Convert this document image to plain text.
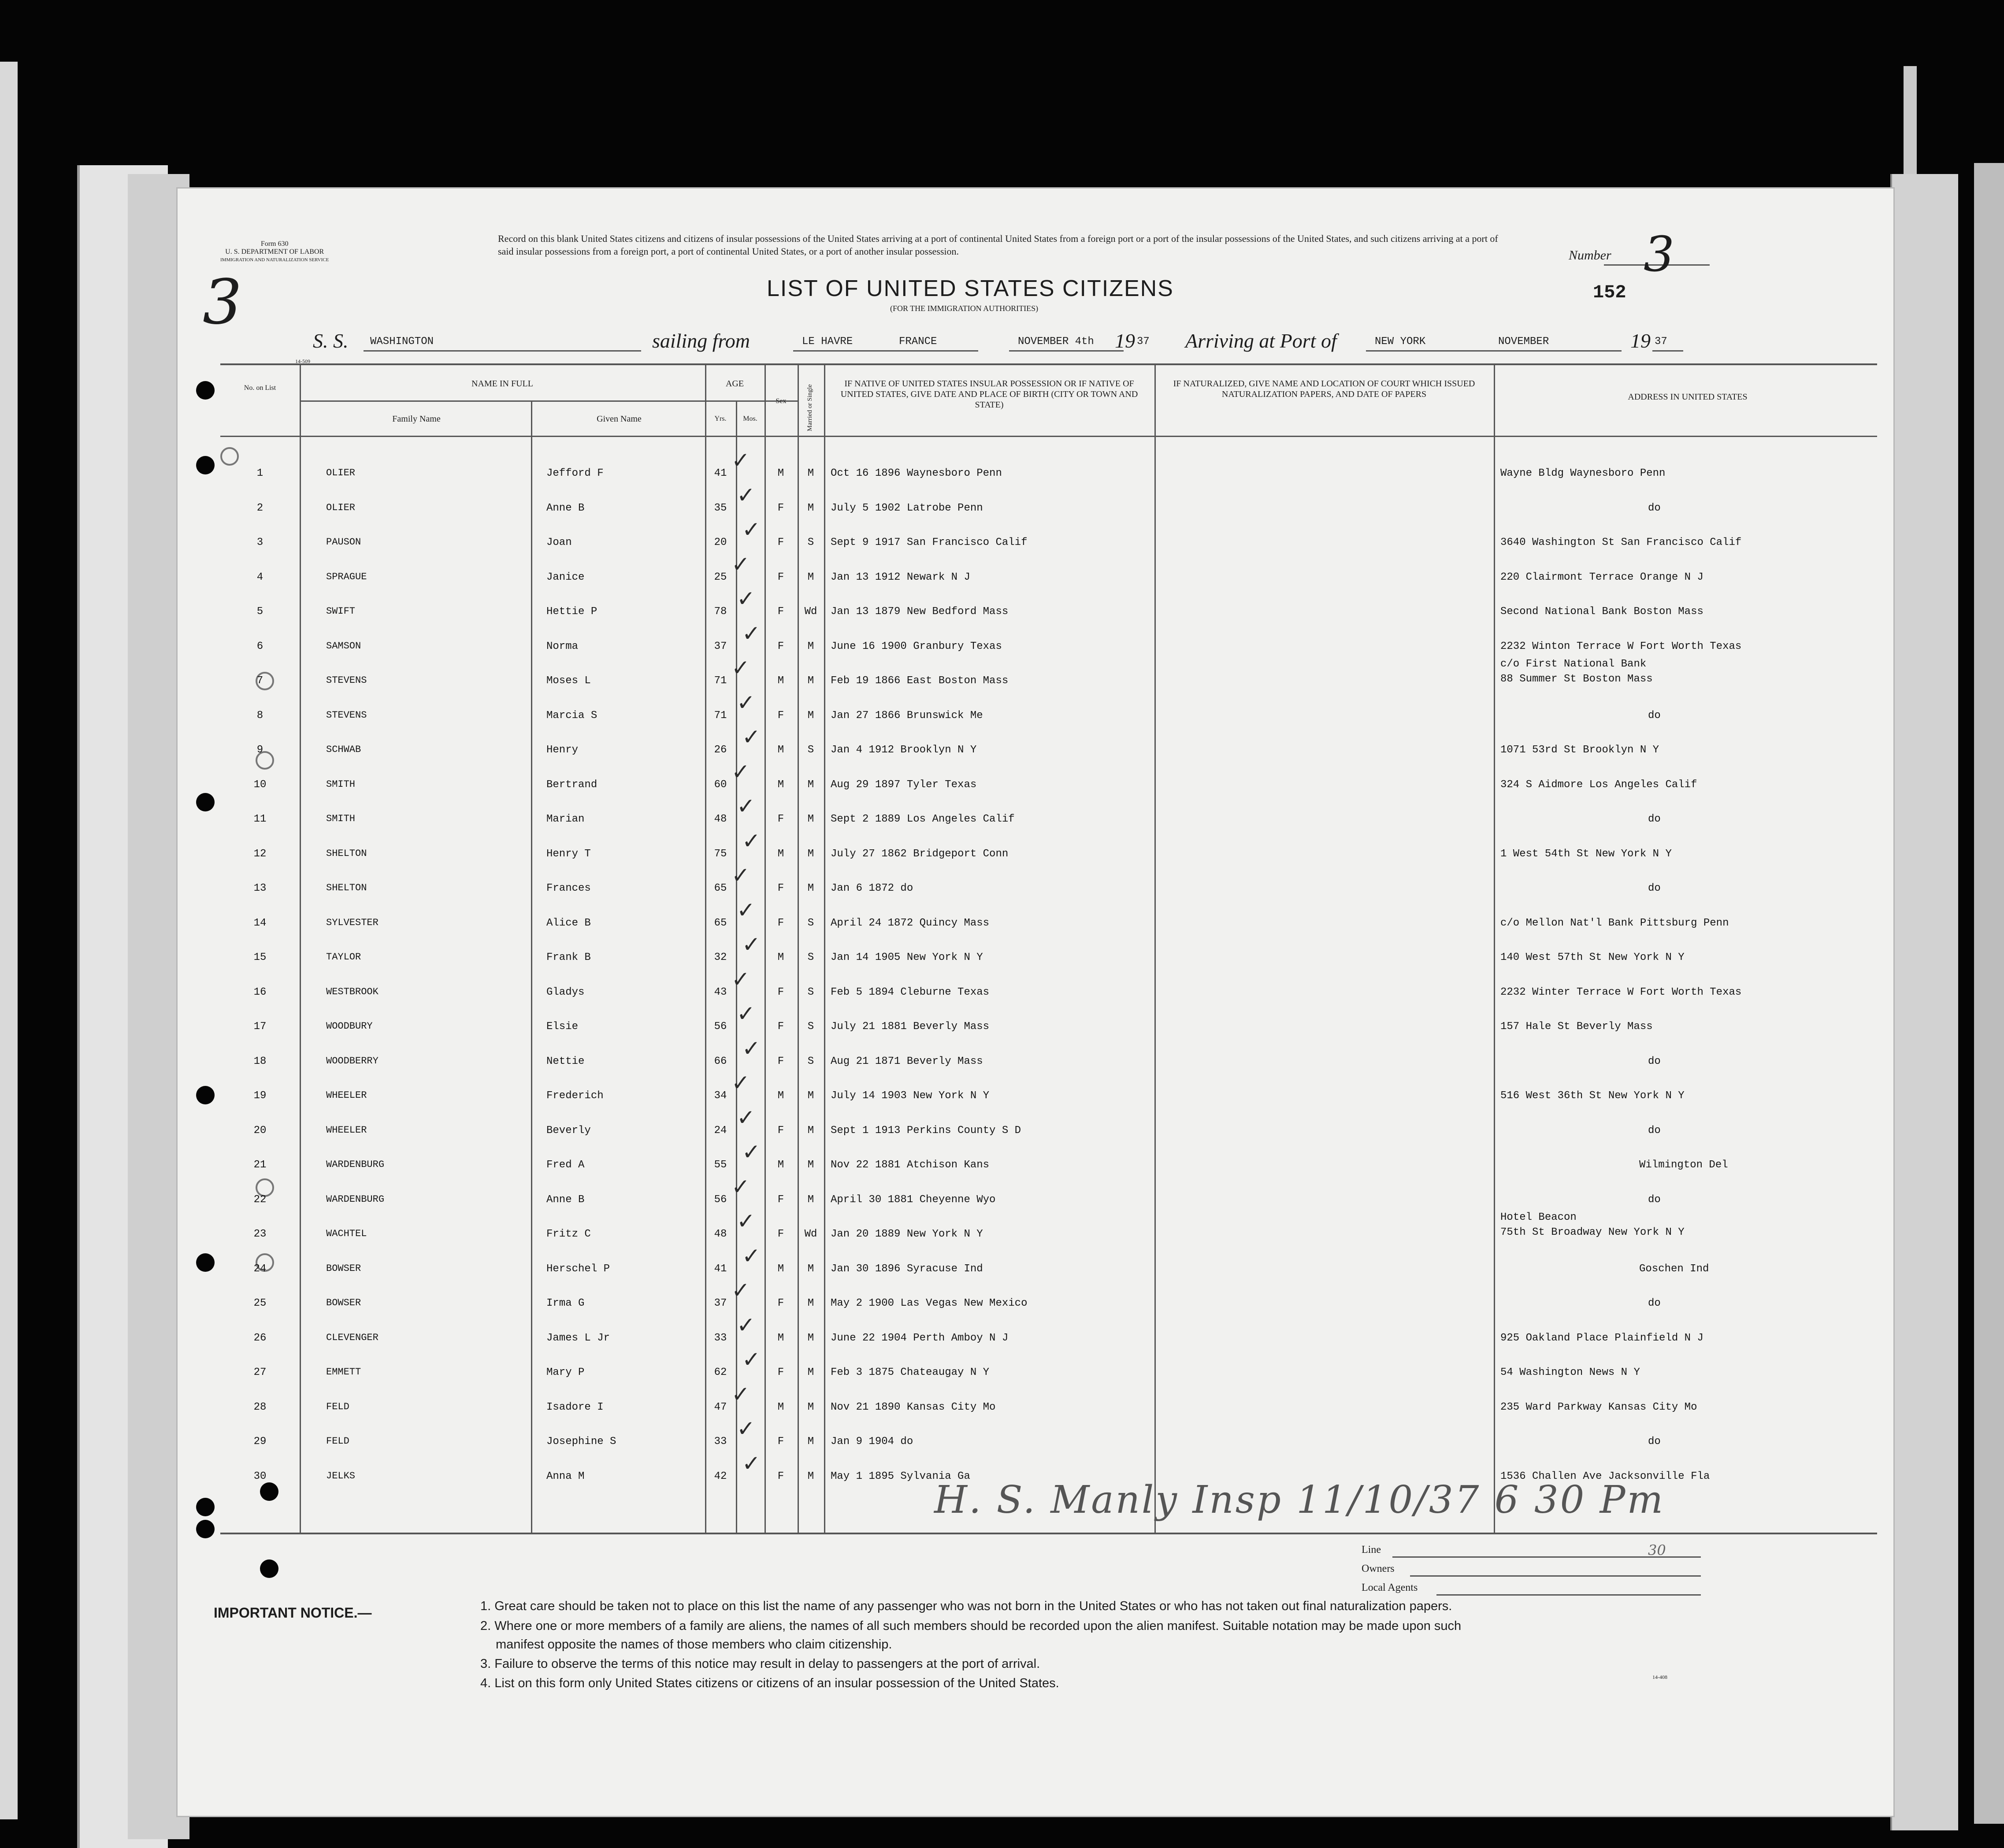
Form 630
U. S. DEPARTMENT OF LABOR
IMMIGRATION AND NATURALIZATION SERVICE
Record on this blank United States citizens and citizens of insular possessions of the United States arriving at a port of continental United States from a foreign port or a port of the insular possessions of the United States, and such citizens arriving at a port of said insular possessions from a foreign port, a port of continental United States, or a port of another insular possession.	Number 3
3	LIST OF UNITED STATES CITIZENS
(FOR THE IMMIGRATION AUTHORITIES)
152
S. S. WASHINGTON	sailing from	LE HAVRE	FRANCE	NOVEMBER 4th 19 37 Arriving at Port of	NEW YORK	NOVEMBER	19 37
14-509
No. on List	NAME IN FULL
Family Name	Given Name
AGE
Yrs.	Mos.
Sex	Married or Single
IF NATIVE OF UNITED STATES INSULAR POSSESSION OR IF NATIVE OF UNITED STATES, GIVE DATE AND PLACE OF BIRTH (CITY OR TOWN AND STATE)
IF NATURALIZED, GIVE NAME AND LOCATION OF COURT WHICH ISSUED NATURALIZATION PAPERS, AND DATE OF PAPERS	ADDRESS IN UNITED STATES
1	OLIER	Jefford F	41	M	M	Oct 16 1896 Waynesboro Penn	Wayne Bldg Waynesboro Penn
✓
2	OLIER	Anne B	35	F	M	July 5 1902 Latrobe Penn	do
✓
3	PAUSON	Joan	20	F	S	Sept 9 1917 San Francisco Calif	3640 Washington St San Francisco Calif
✓
4	SPRAGUE	Janice	25	F	M	Jan 13 1912 Newark N J	220 Clairmont Terrace Orange N J
✓
5	SWIFT	Hettie P	78	F	Wd	Jan 13 1879 New Bedford Mass	Second National Bank Boston Mass
✓
6	SAMSON	Norma	37	F	M	June 16 1900 Granbury Texas	2232 Winton Terrace W Fort Worth Texas
✓
7	STEVENS	Moses L	71	M	M	Feb 19 1866 East Boston Mass
c/o First National Bank
88 Summer St Boston Mass
✓
8	STEVENS	Marcia S	71	F	M	Jan 27 1866 Brunswick Me	do
✓
9	SCHWAB	Henry	26	M	S	Jan 4 1912 Brooklyn N Y	1071 53rd St Brooklyn N Y
✓
10	SMITH	Bertrand	60	M	M	Aug 29 1897 Tyler Texas	324 S Aidmore Los Angeles Calif
✓
11	SMITH	Marian	48	F	M	Sept 2 1889 Los Angeles Calif	do
✓
12	SHELTON	Henry T	75	M	M	July 27 1862 Bridgeport Conn	1 West 54th St New York N Y
✓
13	SHELTON	Frances	65	F	M	Jan 6 1872 do	do
✓
14	SYLVESTER	Alice B	65	F	S	April 24 1872 Quincy Mass	c/o Mellon Nat'l Bank Pittsburg Penn
✓
15	TAYLOR	Frank B	32	M	S	Jan 14 1905 New York N Y	140 West 57th St New York N Y
✓
16	WESTBROOK	Gladys	43	F	S	Feb 5 1894 Cleburne Texas	2232 Winter Terrace W Fort Worth Texas
✓
17	WOODBURY	Elsie	56	F	S	July 21 1881 Beverly Mass	157 Hale St Beverly Mass
✓
18	WOODBERRY	Nettie	66	F	S	Aug 21 1871 Beverly Mass	do
✓
19	WHEELER	Frederich	34	M	M	July 14 1903 New York N Y	516 West 36th St New York N Y
✓
20	WHEELER	Beverly	24	F	M	Sept 1 1913 Perkins County S D	do
✓
21	WARDENBURG	Fred A	55	M	M	Nov 22 1881 Atchison Kans	Wilmington Del
✓
22	WARDENBURG	Anne B	56	F	M	April 30 1881 Cheyenne Wyo	do
✓
23	WACHTEL	Fritz C	48	F	Wd	Jan 20 1889 New York N Y
Hotel Beacon
75th St Broadway New York N Y
✓
24	BOWSER	Herschel P	41	M	M	Jan 30 1896 Syracuse Ind	Goschen Ind
✓
25	BOWSER	Irma G	37	F	M	May 2 1900 Las Vegas New Mexico	do
✓
26	CLEVENGER	James L Jr	33	M	M	June 22 1904 Perth Amboy N J	925 Oakland Place Plainfield N J
✓
27	EMMETT	Mary P	62	F	M	Feb 3 1875 Chateaugay N Y	54 Washington News N Y
✓
28	FELD	Isadore I	47	M	M	Nov 21 1890 Kansas City Mo	235 Ward Parkway Kansas City Mo
✓
29	FELD	Josephine S	33	F	M	Jan 9 1904 do	do
✓
30	JELKS	Anna M	42	F	M	May 1 1895 Sylvania Ga	1536 Challen Ave Jacksonville Fla
✓
H. S. Manly Insp 11/10/37 6 30 Pm
Line	30
Owners
Local Agents
IMPORTANT NOTICE.—	1. Great care should be taken not to place on this list the name of any passenger who was not born in the United States or who has not taken out final naturalization papers.
2. Where one or more members of a family are aliens, the names of all such members should be recorded upon the alien manifest. Suitable notation may be made upon such
manifest opposite the names of those members who claim citizenship.
3. Failure to observe the terms of this notice may result in delay to passengers at the port of arrival.
4. List on this form only United States citizens or citizens of an insular possession of the United States.	14-408
